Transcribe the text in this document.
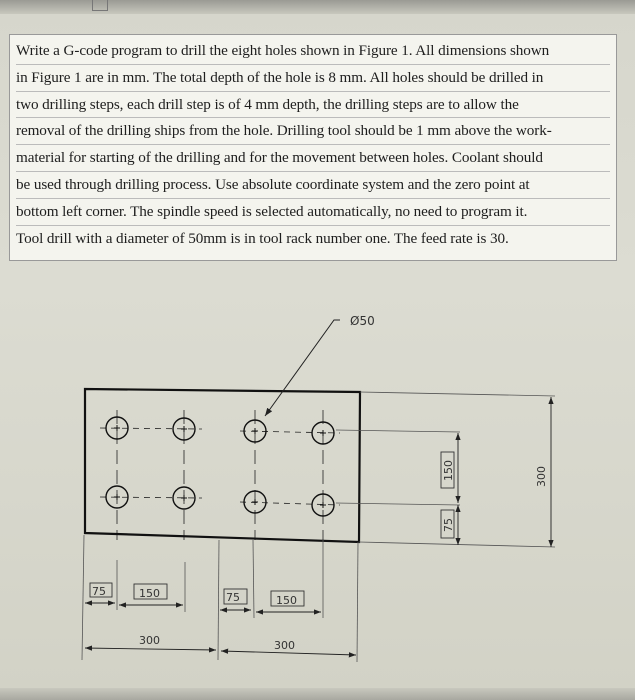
Write a G-code program to drill the eight holes shown in Figure 1. All dimensions shown
in Figure 1 are in mm. The total depth of the hole is 8 mm. All holes should be drilled in
two drilling steps, each drill step is of 4 mm depth, the drilling steps are to allow the
removal of the drilling ships from the hole. Drilling tool should be 1 mm above the work-
material for starting of the drilling and for the movement between holes. Coolant should
be used through drilling process. Use absolute coordinate system and the zero point at
bottom left corner. The spindle speed is selected automatically, no need to program it.
Tool drill with a diameter of 50mm is in tool rack number one. The feed rate is 30.
Ø50
75	150	75	150
300	300
150
75
300
